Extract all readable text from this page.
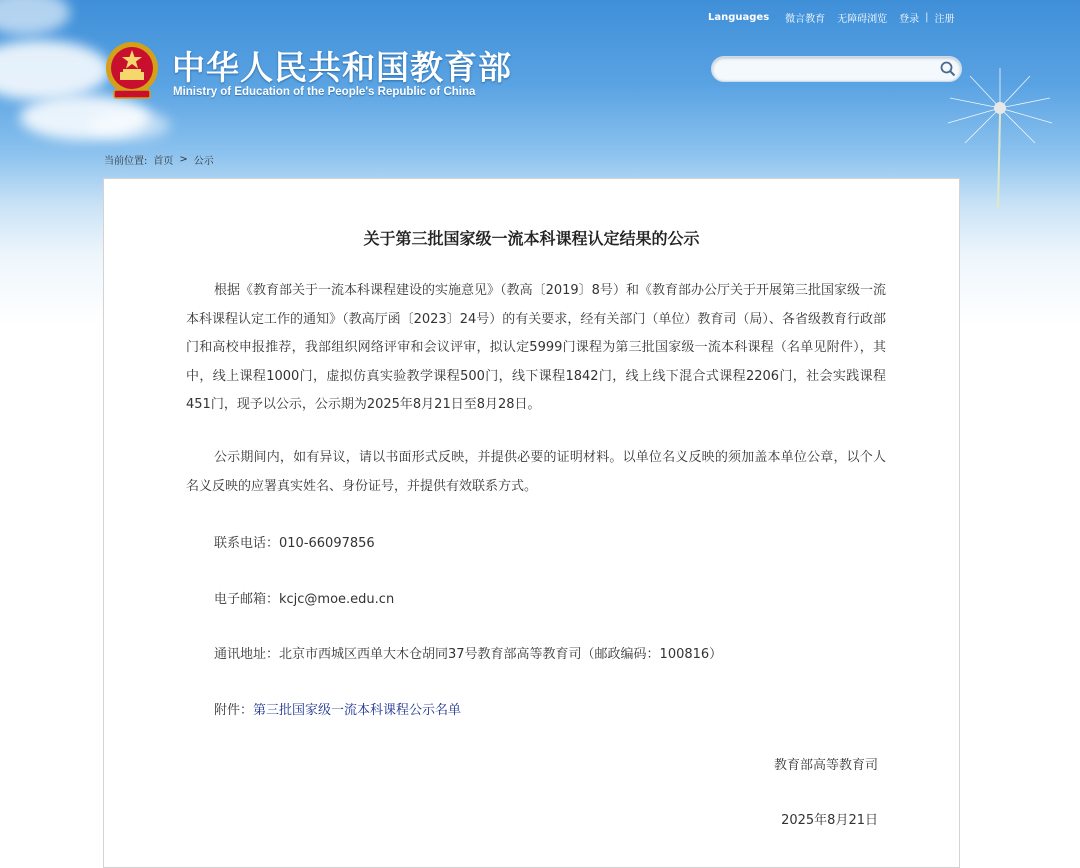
Languages 微言教育 无障碍浏览 登录 | 注册
中华人民共和国教育部
Ministry of Education of the People's Republic of China
当前位置: 首页 > 公示
关于第三批国家级一流本科课程认定结果的公示
根据《教育部关于一流本科课程建设的实施意见》（教高〔2019〕8号）和《教育部办公厅关于开展第三批国家级一流本科课程认定工作的通知》（教高厅函〔2023〕24号）的有关要求，经有关部门（单位）教育司（局）、各省级教育行政部门和高校申报推荐，我部组织网络评审和会议评审，拟认定5999门课程为第三批国家级一流本科课程（名单见附件），其中，线上课程1000门，虚拟仿真实验教学课程500门，线下课程1842门，线上线下混合式课程2206门，社会实践课程451门，现予以公示，公示期为2025年8月21日至8月28日。
公示期间内，如有异议，请以书面形式反映，并提供必要的证明材料。以单位名义反映的须加盖本单位公章，以个人名义反映的应署真实姓名、身份证号，并提供有效联系方式。
联系电话：010-66097856
电子邮箱：kcjc@moe.edu.cn
通讯地址：北京市西城区西单大木仓胡同37号教育部高等教育司（邮政编码：100816）
附件：第三批国家级一流本科课程公示名单
教育部高等教育司
2025年8月21日
